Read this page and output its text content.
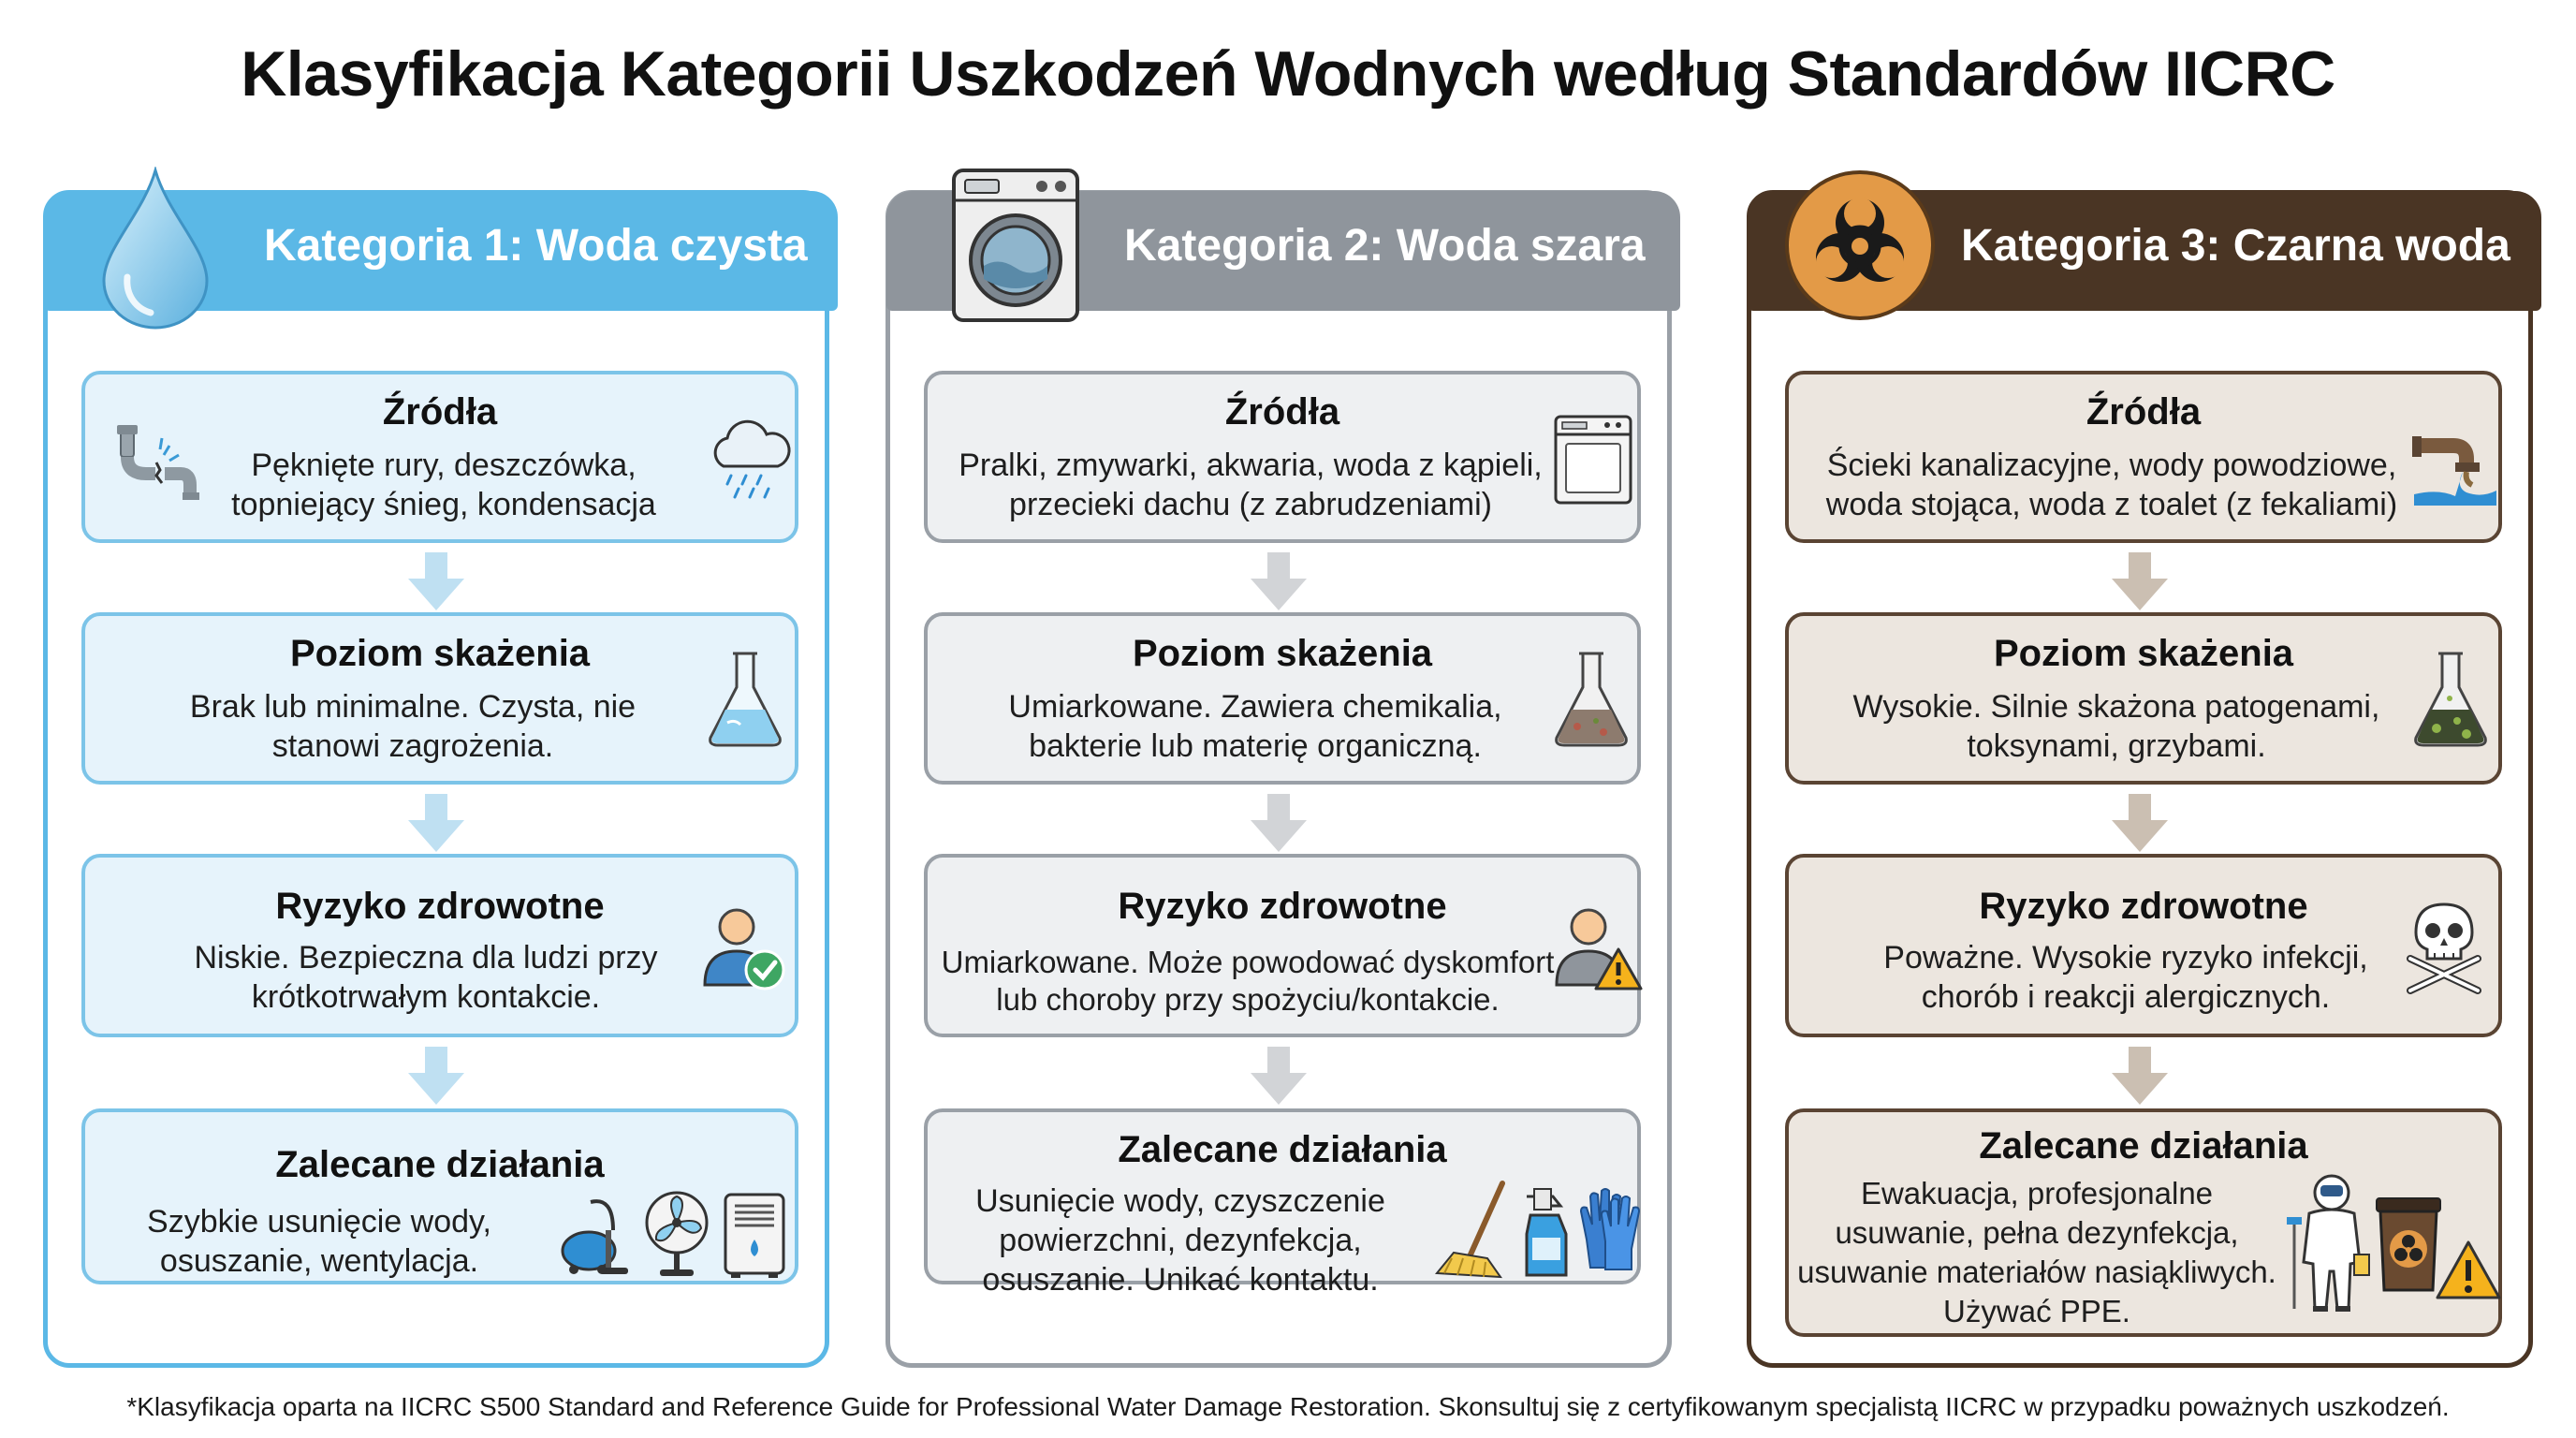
Klasyfikacja Kategorii Uszkodzeń Wodnych według Standardów IICRC
Kategoria 1: Woda czysta
Źródła
Pęknięte rury, deszczówka,
topniejący śnieg, kondensacja
Poziom skażenia
Brak lub minimalne. Czysta, nie
stanowi zagrożenia.
Ryzyko zdrowotne
Niskie. Bezpieczna dla ludzi przy
krótkotrwałym kontakcie.
Zalecane działania
Szybkie usunięcie wody,
osuszanie, wentylacja.
Kategoria 2: Woda szara
Źródła
Pralki, zmywarki, akwaria, woda z kąpieli,
przecieki dachu (z zabrudzeniami)
Poziom skażenia
Umiarkowane. Zawiera chemikalia,
bakterie lub materię organiczną.
Ryzyko zdrowotne
Umiarkowane. Może powodować dyskomfort
lub choroby przy spożyciu/kontakcie.
Zalecane działania
Usunięcie wody, czyszczenie
powierzchni, dezynfekcja,
osuszanie. Unikać kontaktu.
Kategoria 3: Czarna woda
Źródła
Ścieki kanalizacyjne, wody powodziowe,
woda stojąca, woda z toalet (z fekaliami)
Poziom skażenia
Wysokie. Silnie skażona patogenami,
toksynami, grzybami.
Ryzyko zdrowotne
Poważne. Wysokie ryzyko infekcji,
chorób i reakcji alergicznych.
Zalecane działania
Ewakuacja, profesjonalne
usuwanie, pełna dezynfekcja,
usuwanie materiałów nasiąkliwych.
Używać PPE.
*Klasyfikacja oparta na IICRC S500 Standard and Reference Guide for Professional Water Damage Restoration. Skonsultuj się z certyfikowanym specjalistą IICRC w przypadku poważnych uszkodzeń.
